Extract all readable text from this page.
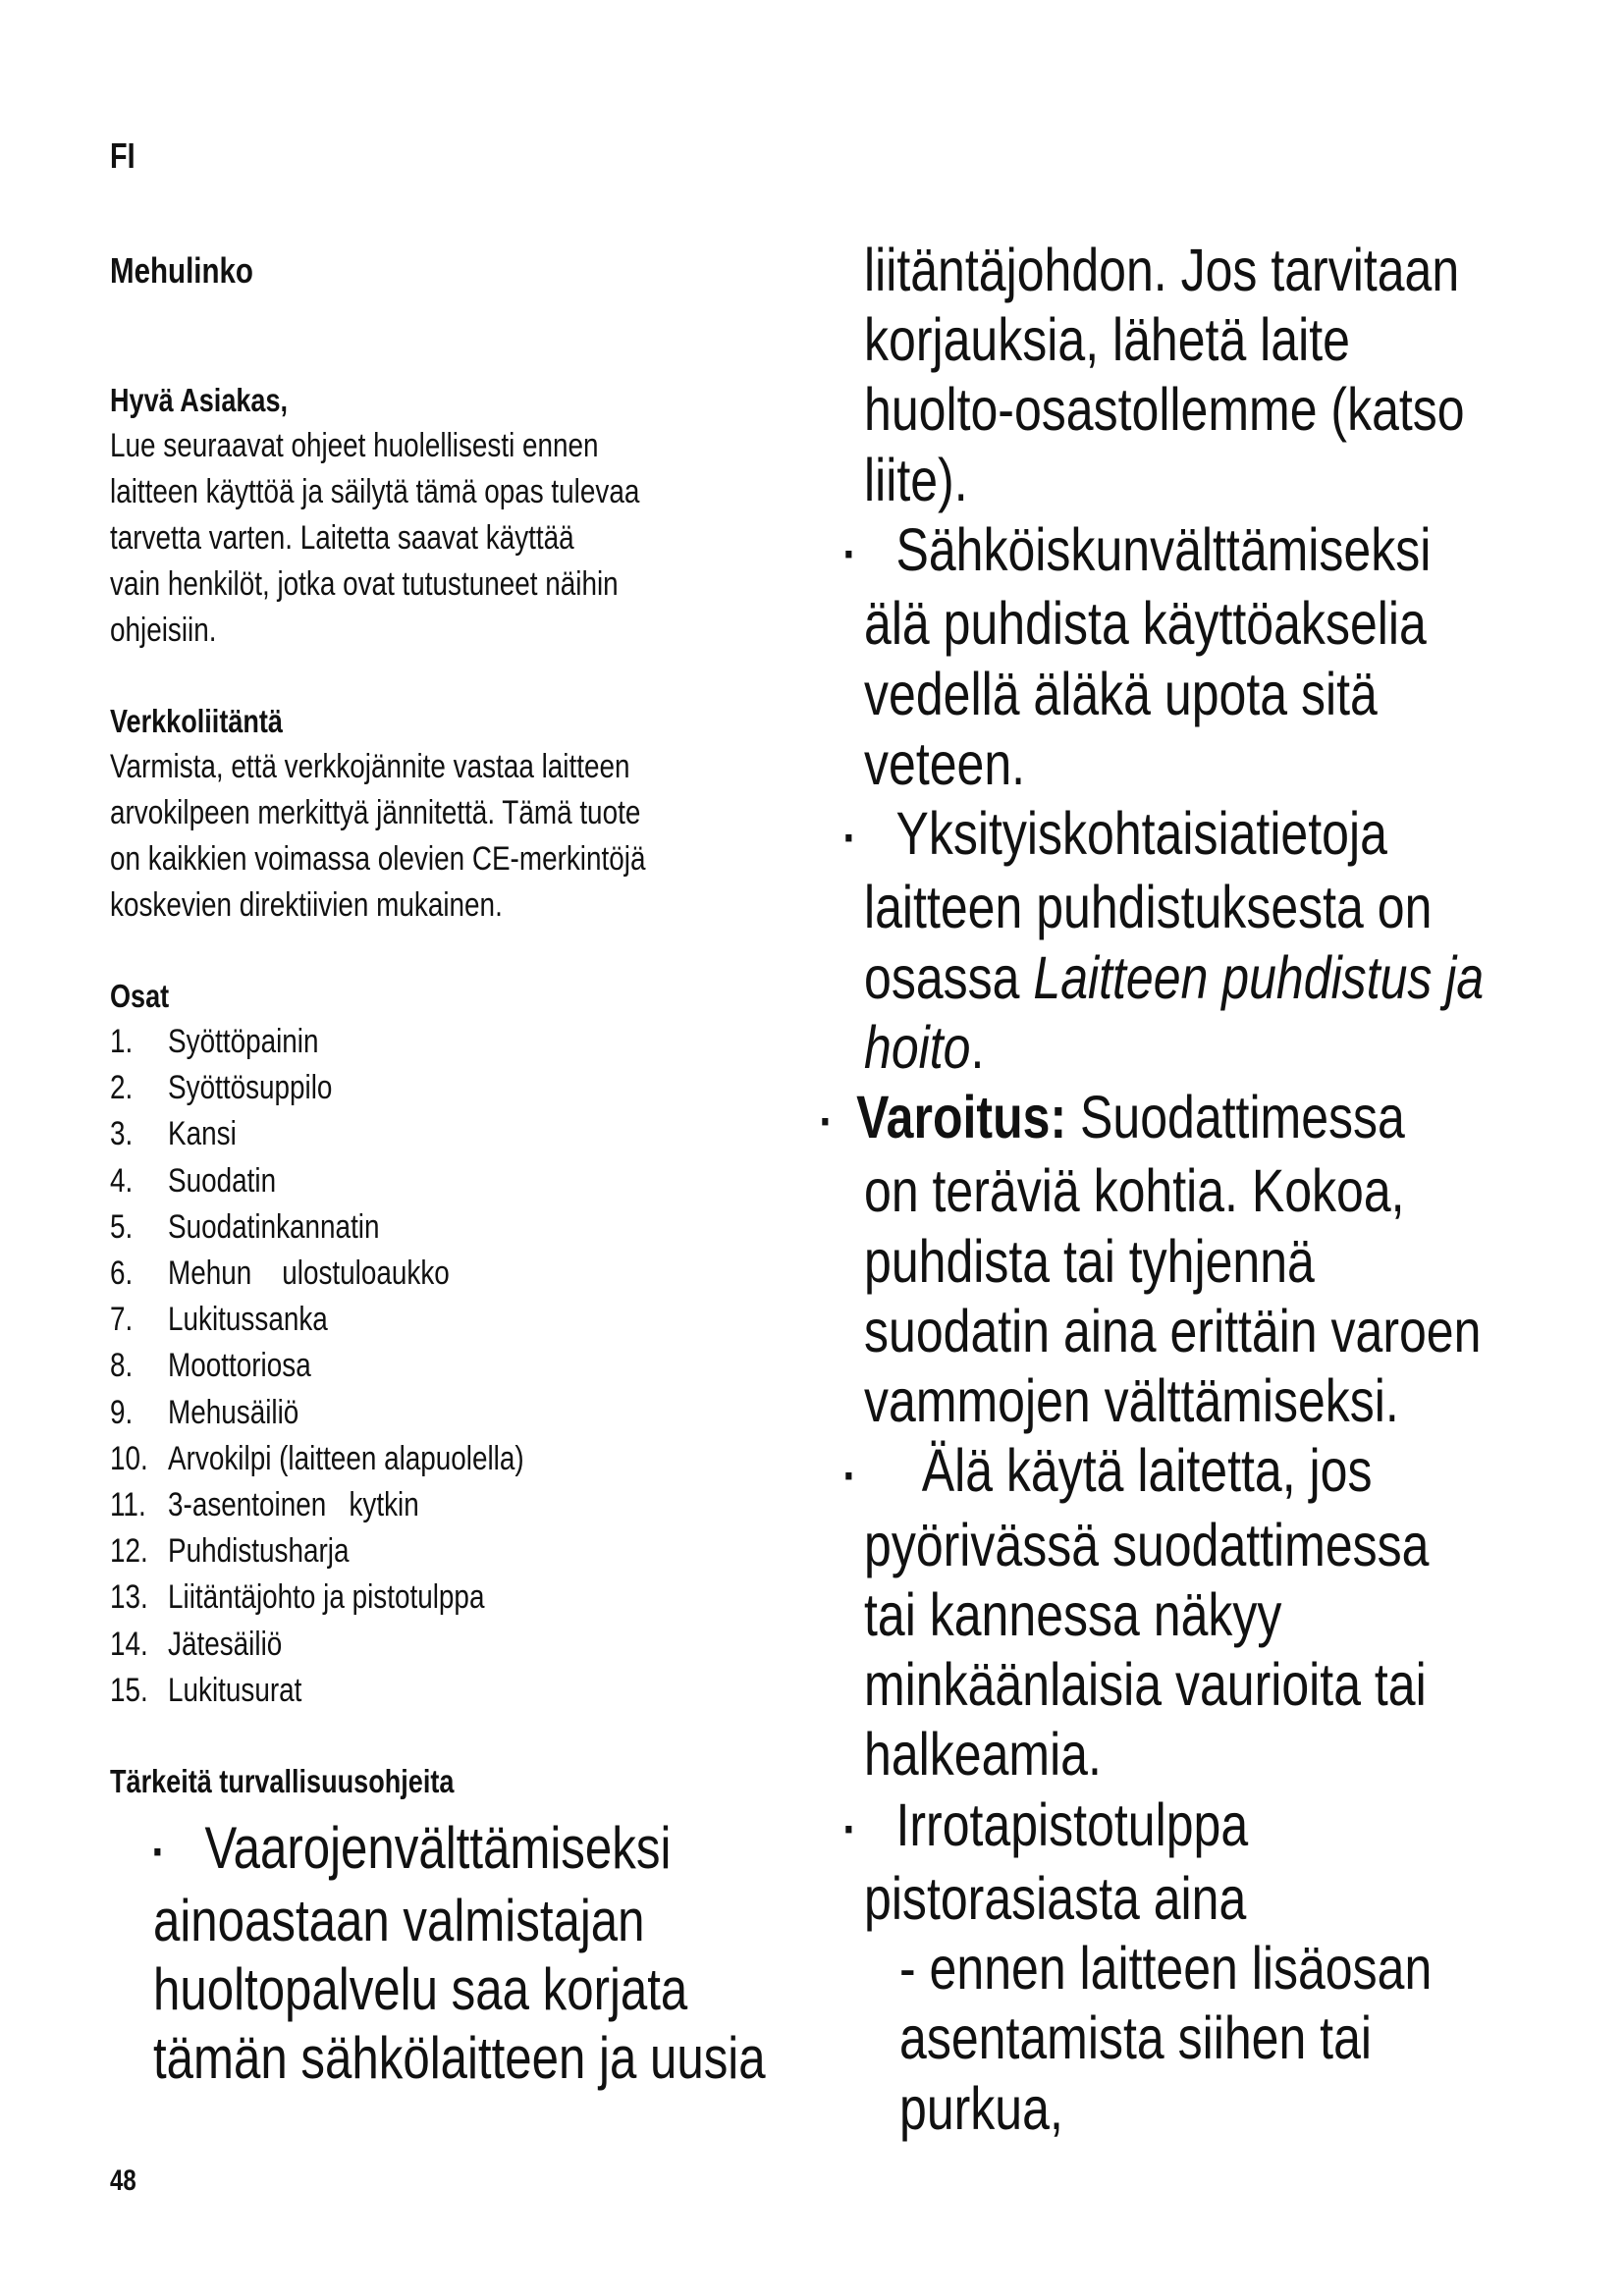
FI
Mehulinko
Hyvä Asiakas,
Lue seuraavat ohjeet huolellisesti ennen
laitteen käyttöä ja säilytä tämä opas tulevaa
tarvetta varten. Laitetta saavat käyttää
vain henkilöt, jotka ovat tutustuneet näihin
ohjeisiin.
Verkkoliitäntä
Varmista, että verkkojännite vastaa laitteen
arvokilpeen merkittyä jännitettä. Tämä tuote
on kaikkien voimassa olevien CE-merkintöjä
koskevien direktiivien mukainen.
Osat
1. Syöttöpainin
2. Syöttösuppilo
3. Kansi
4. Suodatin
5. Suodatinkannatin
6. Mehun    ulostuloaukko
7. Lukitussanka
8. Moottoriosa
9. Mehusäiliö
10. Arvokilpi (laitteen alapuolella)
11. 3-asentoinen   kytkin
12. Puhdistusharja
13. Liitäntäjohto ja pistotulppa
14. Jätesäiliö
15. Lukitusurat
Tärkeitä turvallisuusohjeita
▪ Vaarojenvälttämiseksi
ainoastaan valmistajan
huoltopalvelu saa korjata
tämän sähkölaitteen ja uusia
liitäntäjohdon. Jos tarvitaan
korjauksia, lähetä laite
huolto-osastollemme (katso
liite).
▪ Sähköiskunvälttämiseksi
älä puhdista käyttöakselia
vedellä äläkä upota sitä
veteen.
▪ Yksityiskohtaisiatietoja
laitteen puhdistuksesta on
osassa Laitteen puhdistus ja
hoito.
▪ Varoitus: Suodattimessa
on teräviä kohtia. Kokoa,
puhdista tai tyhjennä
suodatin aina erittäin varoen
vammojen välttämiseksi.
▪ Älä käytä laitetta, jos
pyörivässä suodattimessa
tai kannessa näkyy
minkäänlaisia vaurioita tai
halkeamia.
▪ Irrotapistotulppa
pistorasiasta aina
- ennen laitteen lisäosan
asentamista siihen tai
purkua,
48
